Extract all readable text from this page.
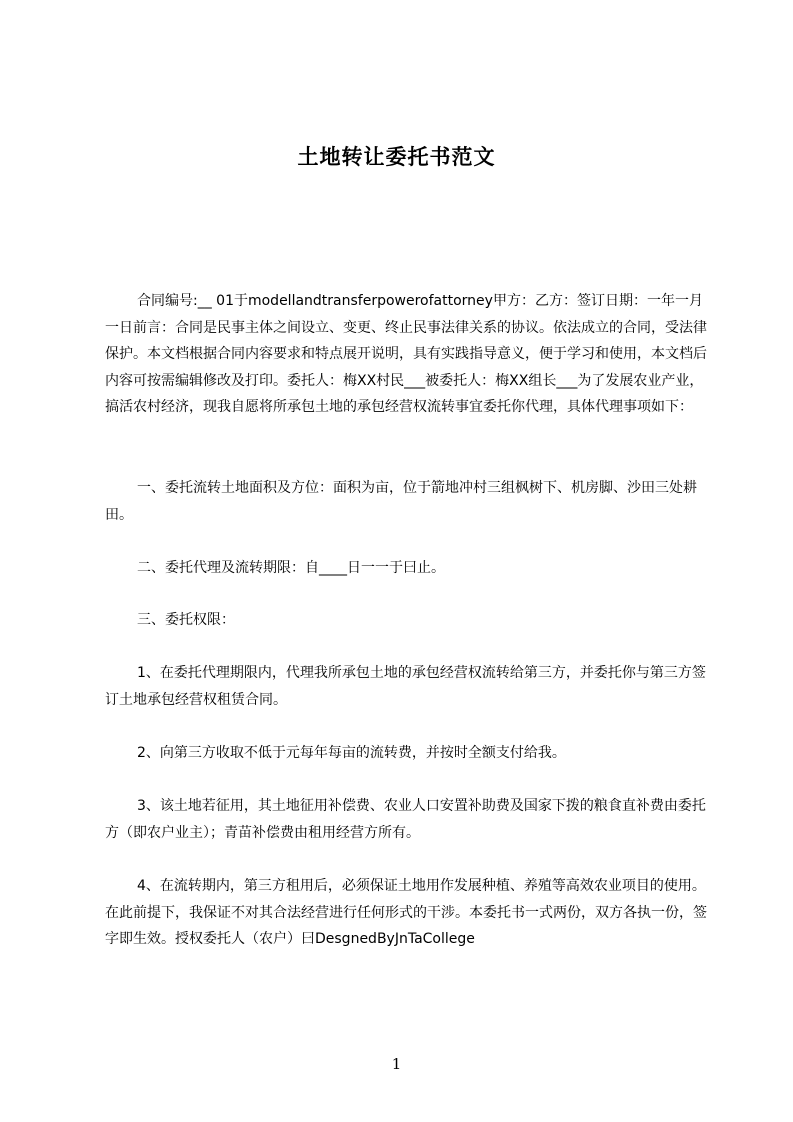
土地转让委托书范文

合同编号:__ 01于modellandtransferpowerofattorney甲方：乙方：签订日期：一年一月一日前言：合同是民事主体之间设立、变更、终止民事法律关系的协议。依法成立的合同，受法律保护。本文档根据合同内容要求和特点展开说明，具有实践指导意义，便于学习和使用，本文档后内容可按需编辑修改及打印。委托人：梅XX村民___被委托人：梅XX组长___为了发展农业产业，搞活农村经济，现我自愿将所承包土地的承包经营权流转事宜委托你代理，具体代理事项如下：

一、委托流转土地面积及方位：面积为亩，位于箭地冲村三组枫树下、机房脚、沙田三处耕田。

二、委托代理及流转期限：自____日一一于曰止。

三、委托权限：

1、在委托代理期限内，代理我所承包土地的承包经营权流转给第三方，并委托你与第三方签订土地承包经营权租赁合同。

2、向第三方收取不低于元每年每亩的流转费，并按时全额支付给我。

3、该土地若征用，其土地征用补偿费、农业人口安置补助费及国家下拨的粮食直补费由委托方（即农户业主）；青苗补偿费由租用经营方所有。

4、在流转期内，第三方租用后，必须保证土地用作发展种植、养殖等高效农业项目的使用。在此前提下，我保证不对其合法经营进行任何形式的干涉。本委托书一式两份，双方各执一份，签字即生效。授权委托人（农户）曰DesgnedByJnTaCollege

1
